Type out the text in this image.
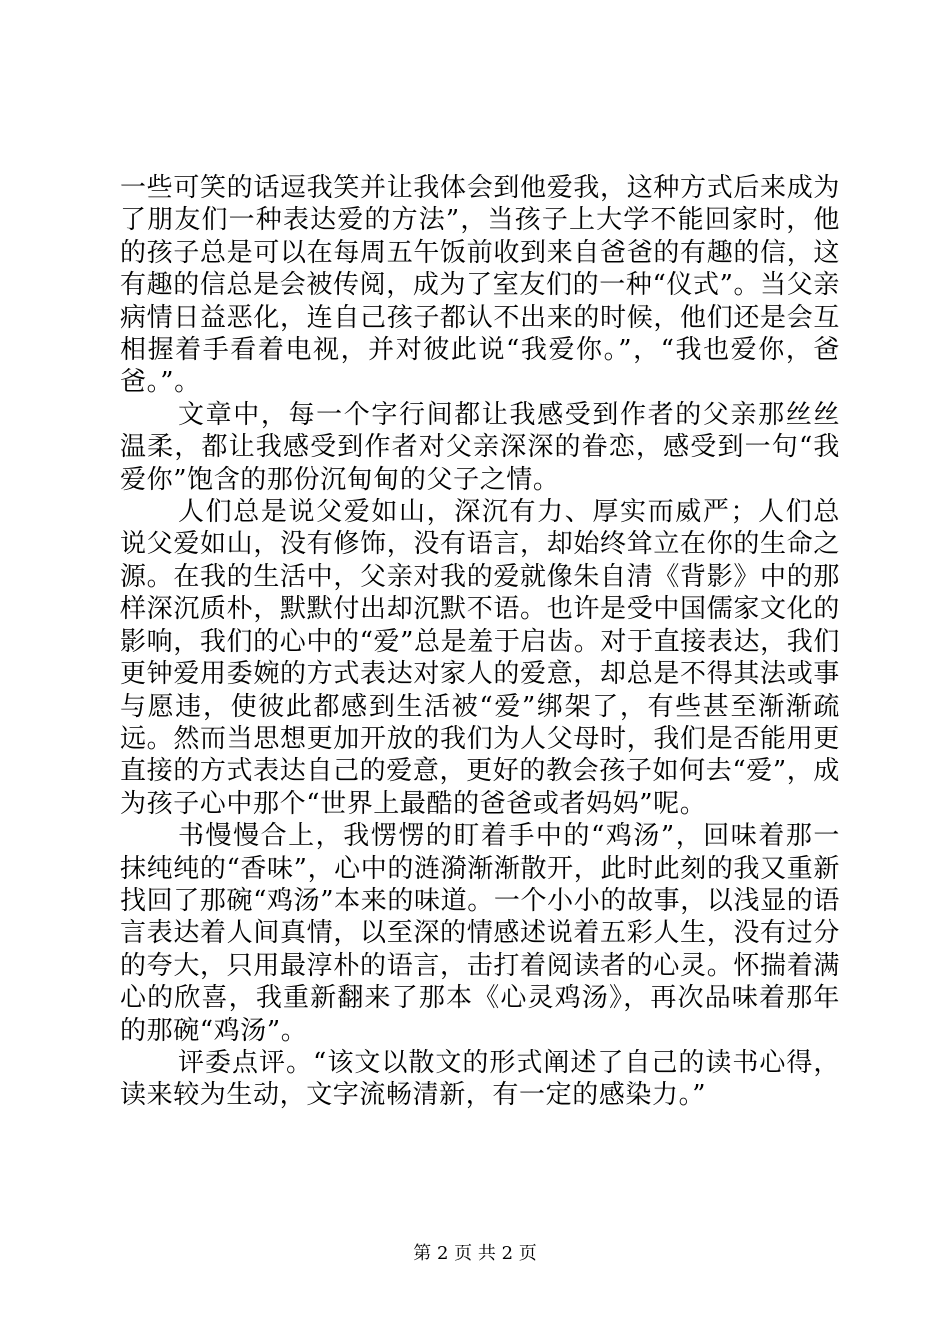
一些可笑的话逗我笑并让我体会到他爱我，这种方式后来成为了朋友们一种表达爱的方法”，当孩子上大学不能回家时，他的孩子总是可以在每周五午饭前收到来自爸爸的有趣的信，这有趣的信总是会被传阅，成为了室友们的一种“仪式”。当父亲病情日益恶化，连自己孩子都认不出来的时候，他们还是会互相握着手看着电视，并对彼此说“我爱你。”，“我也爱你，爸爸。”。

文章中，每一个字行间都让我感受到作者的父亲那丝丝温柔，都让我感受到作者对父亲深深的眷恋，感受到一句“我爱你”饱含的那份沉甸甸的父子之情。

人们总是说父爱如山，深沉有力、厚实而威严；人们总说父爱如山，没有修饰，没有语言，却始终耸立在你的生命之源。在我的生活中，父亲对我的爱就像朱自清《背影》中的那样深沉质朴，默默付出却沉默不语。也许是受中国儒家文化的影响，我们的心中的“爱”总是羞于启齿。对于直接表达，我们更钟爱用委婉的方式表达对家人的爱意，却总是不得其法或事与愿违，使彼此都感到生活被“爱”绑架了，有些甚至渐渐疏远。然而当思想更加开放的我们为人父母时，我们是否能用更直接的方式表达自己的爱意，更好的教会孩子如何去“爱”，成为孩子心中那个“世界上最酷的爸爸或者妈妈”呢。

书慢慢合上，我愣愣的盯着手中的“鸡汤”，回味着那一抹纯纯的“香味”，心中的涟漪渐渐散开，此时此刻的我又重新找回了那碗“鸡汤”本来的味道。一个小小的故事，以浅显的语言表达着人间真情，以至深的情感述说着五彩人生，没有过分的夸大，只用最淳朴的语言，击打着阅读者的心灵。怀揣着满心的欣喜，我重新翻来了那本《心灵鸡汤》，再次品味着那年的那碗“鸡汤”。

评委点评。“该文以散文的形式阐述了自己的读书心得，读来较为生动，文字流畅清新，有一定的感染力。”

第 2 页 共 2 页
